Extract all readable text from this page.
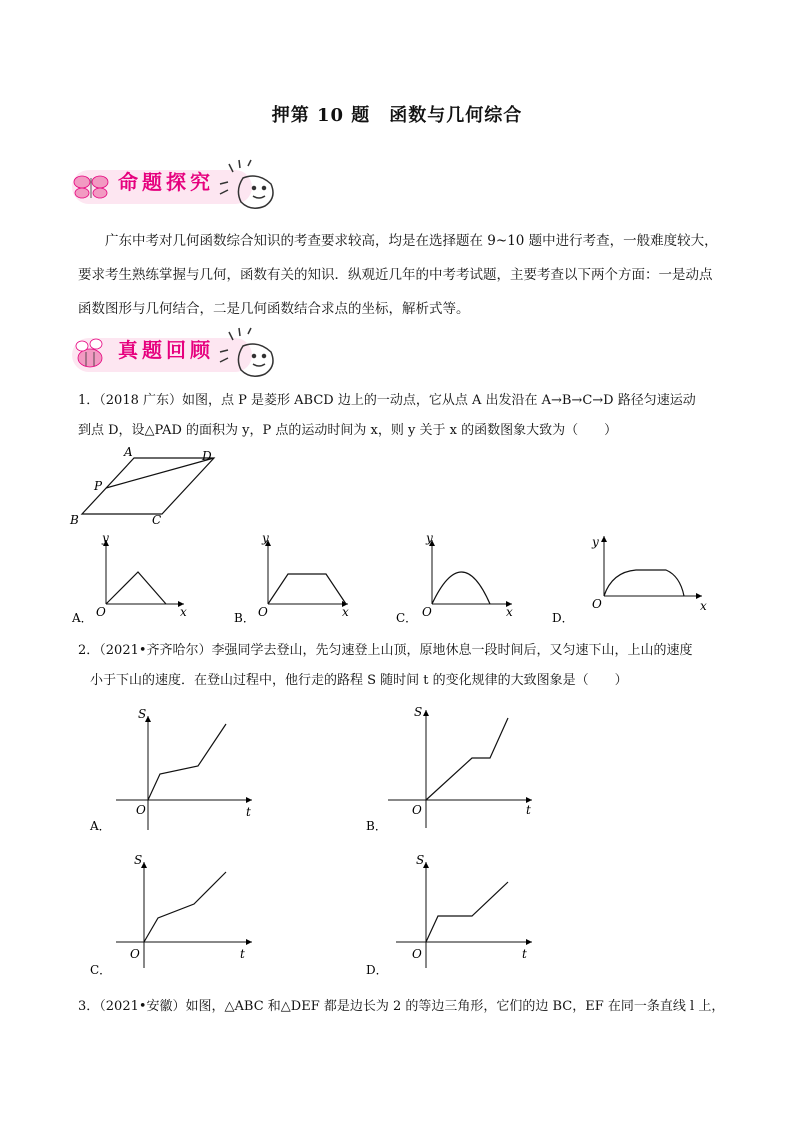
押第 10 题　函数与几何综合
命题探究
广东中考对几何函数综合知识的考查要求较高，均是在选择题在 9~10 题中进行考查，一般难度较大，要求考生熟练掌握与几何，函数有关的知识．纵观近几年的中考考试题，主要考查以下两个方面：一是动点函数图形与几何结合，二是几何函数结合求点的坐标，解析式等。
真题回顾
1．（2018 广东）如图，点 P 是菱形 ABCD 边上的一动点，它从点 A 出发沿在 A→B→C→D 路径匀速运动
到点 D，设△PAD 的面积为 y，P 点的运动时间为 x，则 y 关于 x 的函数图象大致为（　　）
A	D
P
B	C
y
x
O
A．
y
x
O
B．
y
x
O
C．
y
x
O
D．
2．（2021•齐齐哈尔）李强同学去登山，先匀速登上山顶，原地休息一段时间后，又匀速下山，上山的速度
小于下山的速度．在登山过程中，他行走的路程 S 随时间 t 的变化规律的大致图象是（　　）
S
t
O
A．
S
t
O
B．
S
t
O
C．
S
t
O
D．
3．（2021•安徽）如图，△ABC 和△DEF 都是边长为 2 的等边三角形，它们的边 BC，EF 在同一条直线 l 上，
